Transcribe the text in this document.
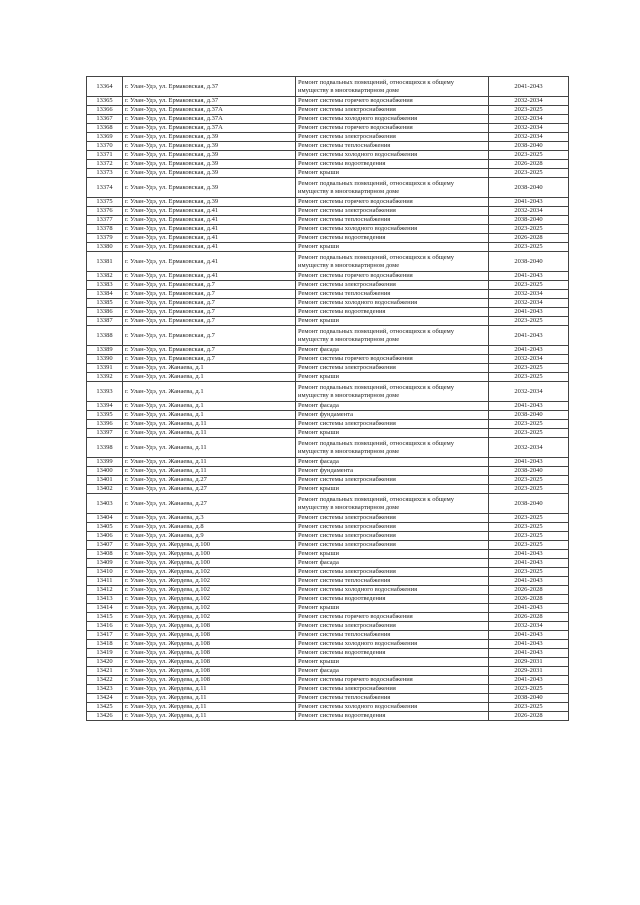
13364	г. Улан-Удэ, ул. Ермаковская, д.37	Ремонт подвальных помещений, относящихся к общему имуществу в многоквартирном доме	2041-2043
13365	г. Улан-Удэ, ул. Ермаковская, д.37	Ремонт системы горячего водоснабжения	2032-2034
13366	г. Улан-Удэ, ул. Ермаковская, д.37А	Ремонт системы электроснабжения	2023-2025
13367	г. Улан-Удэ, ул. Ермаковская, д.37А	Ремонт системы холодного водоснабжения	2032-2034
13368	г. Улан-Удэ, ул. Ермаковская, д.37А	Ремонт системы горячего водоснабжения	2032-2034
13369	г. Улан-Удэ, ул. Ермаковская, д.39	Ремонт системы электроснабжения	2032-2034
13370	г. Улан-Удэ, ул. Ермаковская, д.39	Ремонт системы теплоснабжения	2038-2040
13371	г. Улан-Удэ, ул. Ермаковская, д.39	Ремонт системы холодного водоснабжения	2023-2025
13372	г. Улан-Удэ, ул. Ермаковская, д.39	Ремонт системы водоотведения	2026-2028
13373	г. Улан-Удэ, ул. Ермаковская, д.39	Ремонт крыши	2023-2025
13374	г. Улан-Удэ, ул. Ермаковская, д.39	Ремонт подвальных помещений, относящихся к общему имуществу в многоквартирном доме	2038-2040
13375	г. Улан-Удэ, ул. Ермаковская, д.39	Ремонт системы горячего водоснабжения	2041-2043
13376	г. Улан-Удэ, ул. Ермаковская, д.41	Ремонт системы электроснабжения	2032-2034
13377	г. Улан-Удэ, ул. Ермаковская, д.41	Ремонт системы теплоснабжения	2038-2040
13378	г. Улан-Удэ, ул. Ермаковская, д.41	Ремонт системы холодного водоснабжения	2023-2025
13379	г. Улан-Удэ, ул. Ермаковская, д.41	Ремонт системы водоотведения	2026-2028
13380	г. Улан-Удэ, ул. Ермаковская, д.41	Ремонт крыши	2023-2025
13381	г. Улан-Удэ, ул. Ермаковская, д.41	Ремонт подвальных помещений, относящихся к общему имуществу в многоквартирном доме	2038-2040
13382	г. Улан-Удэ, ул. Ермаковская, д.41	Ремонт системы горячего водоснабжения	2041-2043
13383	г. Улан-Удэ, ул. Ермаковская, д.7	Ремонт системы электроснабжения	2023-2025
13384	г. Улан-Удэ, ул. Ермаковская, д.7	Ремонт системы теплоснабжения	2032-2034
13385	г. Улан-Удэ, ул. Ермаковская, д.7	Ремонт системы холодного водоснабжения	2032-2034
13386	г. Улан-Удэ, ул. Ермаковская, д.7	Ремонт системы водоотведения	2041-2043
13387	г. Улан-Удэ, ул. Ермаковская, д.7	Ремонт крыши	2023-2025
13388	г. Улан-Удэ, ул. Ермаковская, д.7	Ремонт подвальных помещений, относящихся к общему имуществу в многоквартирном доме	2041-2043
13389	г. Улан-Удэ, ул. Ермаковская, д.7	Ремонт фасада	2041-2043
13390	г. Улан-Удэ, ул. Ермаковская, д.7	Ремонт системы горячего водоснабжения	2032-2034
13391	г. Улан-Удэ, ул. Жанаева, д.1	Ремонт системы электроснабжения	2023-2025
13392	г. Улан-Удэ, ул. Жанаева, д.1	Ремонт крыши	2023-2025
13393	г. Улан-Удэ, ул. Жанаева, д.1	Ремонт подвальных помещений, относящихся к общему имуществу в многоквартирном доме	2032-2034
13394	г. Улан-Удэ, ул. Жанаева, д.1	Ремонт фасада	2041-2043
13395	г. Улан-Удэ, ул. Жанаева, д.1	Ремонт фундамента	2038-2040
13396	г. Улан-Удэ, ул. Жанаева, д.11	Ремонт системы электроснабжения	2023-2025
13397	г. Улан-Удэ, ул. Жанаева, д.11	Ремонт крыши	2023-2025
13398	г. Улан-Удэ, ул. Жанаева, д.11	Ремонт подвальных помещений, относящихся к общему имуществу в многоквартирном доме	2032-2034
13399	г. Улан-Удэ, ул. Жанаева, д.11	Ремонт фасада	2041-2043
13400	г. Улан-Удэ, ул. Жанаева, д.11	Ремонт фундамента	2038-2040
13401	г. Улан-Удэ, ул. Жанаева, д.27	Ремонт системы электроснабжения	2023-2025
13402	г. Улан-Удэ, ул. Жанаева, д.27	Ремонт крыши	2023-2025
13403	г. Улан-Удэ, ул. Жанаева, д.27	Ремонт подвальных помещений, относящихся к общему имуществу в многоквартирном доме	2038-2040
13404	г. Улан-Удэ, ул. Жанаева, д.3	Ремонт системы электроснабжения	2023-2025
13405	г. Улан-Удэ, ул. Жанаева, д.8	Ремонт системы электроснабжения	2023-2025
13406	г. Улан-Удэ, ул. Жанаева, д.9	Ремонт системы электроснабжения	2023-2025
13407	г. Улан-Удэ, ул. Жердева, д.100	Ремонт системы электроснабжения	2023-2025
13408	г. Улан-Удэ, ул. Жердева, д.100	Ремонт крыши	2041-2043
13409	г. Улан-Удэ, ул. Жердева, д.100	Ремонт фасада	2041-2043
13410	г. Улан-Удэ, ул. Жердева, д.102	Ремонт системы электроснабжения	2023-2025
13411	г. Улан-Удэ, ул. Жердева, д.102	Ремонт системы теплоснабжения	2041-2043
13412	г. Улан-Удэ, ул. Жердева, д.102	Ремонт системы холодного водоснабжения	2026-2028
13413	г. Улан-Удэ, ул. Жердева, д.102	Ремонт системы водоотведения	2026-2028
13414	г. Улан-Удэ, ул. Жердева, д.102	Ремонт крыши	2041-2043
13415	г. Улан-Удэ, ул. Жердева, д.102	Ремонт системы горячего водоснабжения	2026-2028
13416	г. Улан-Удэ, ул. Жердева, д.108	Ремонт системы электроснабжения	2032-2034
13417	г. Улан-Удэ, ул. Жердева, д.108	Ремонт системы теплоснабжения	2041-2043
13418	г. Улан-Удэ, ул. Жердева, д.108	Ремонт системы холодного водоснабжения	2041-2043
13419	г. Улан-Удэ, ул. Жердева, д.108	Ремонт системы водоотведения	2041-2043
13420	г. Улан-Удэ, ул. Жердева, д.108	Ремонт крыши	2029-2031
13421	г. Улан-Удэ, ул. Жердева, д.108	Ремонт фасада	2029-2031
13422	г. Улан-Удэ, ул. Жердева, д.108	Ремонт системы горячего водоснабжения	2041-2043
13423	г. Улан-Удэ, ул. Жердева, д.11	Ремонт системы электроснабжения	2023-2025
13424	г. Улан-Удэ, ул. Жердева, д.11	Ремонт системы теплоснабжения	2038-2040
13425	г. Улан-Удэ, ул. Жердева, д.11	Ремонт системы холодного водоснабжения	2023-2025
13426	г. Улан-Удэ, ул. Жердева, д.11	Ремонт системы водоотведения	2026-2028
